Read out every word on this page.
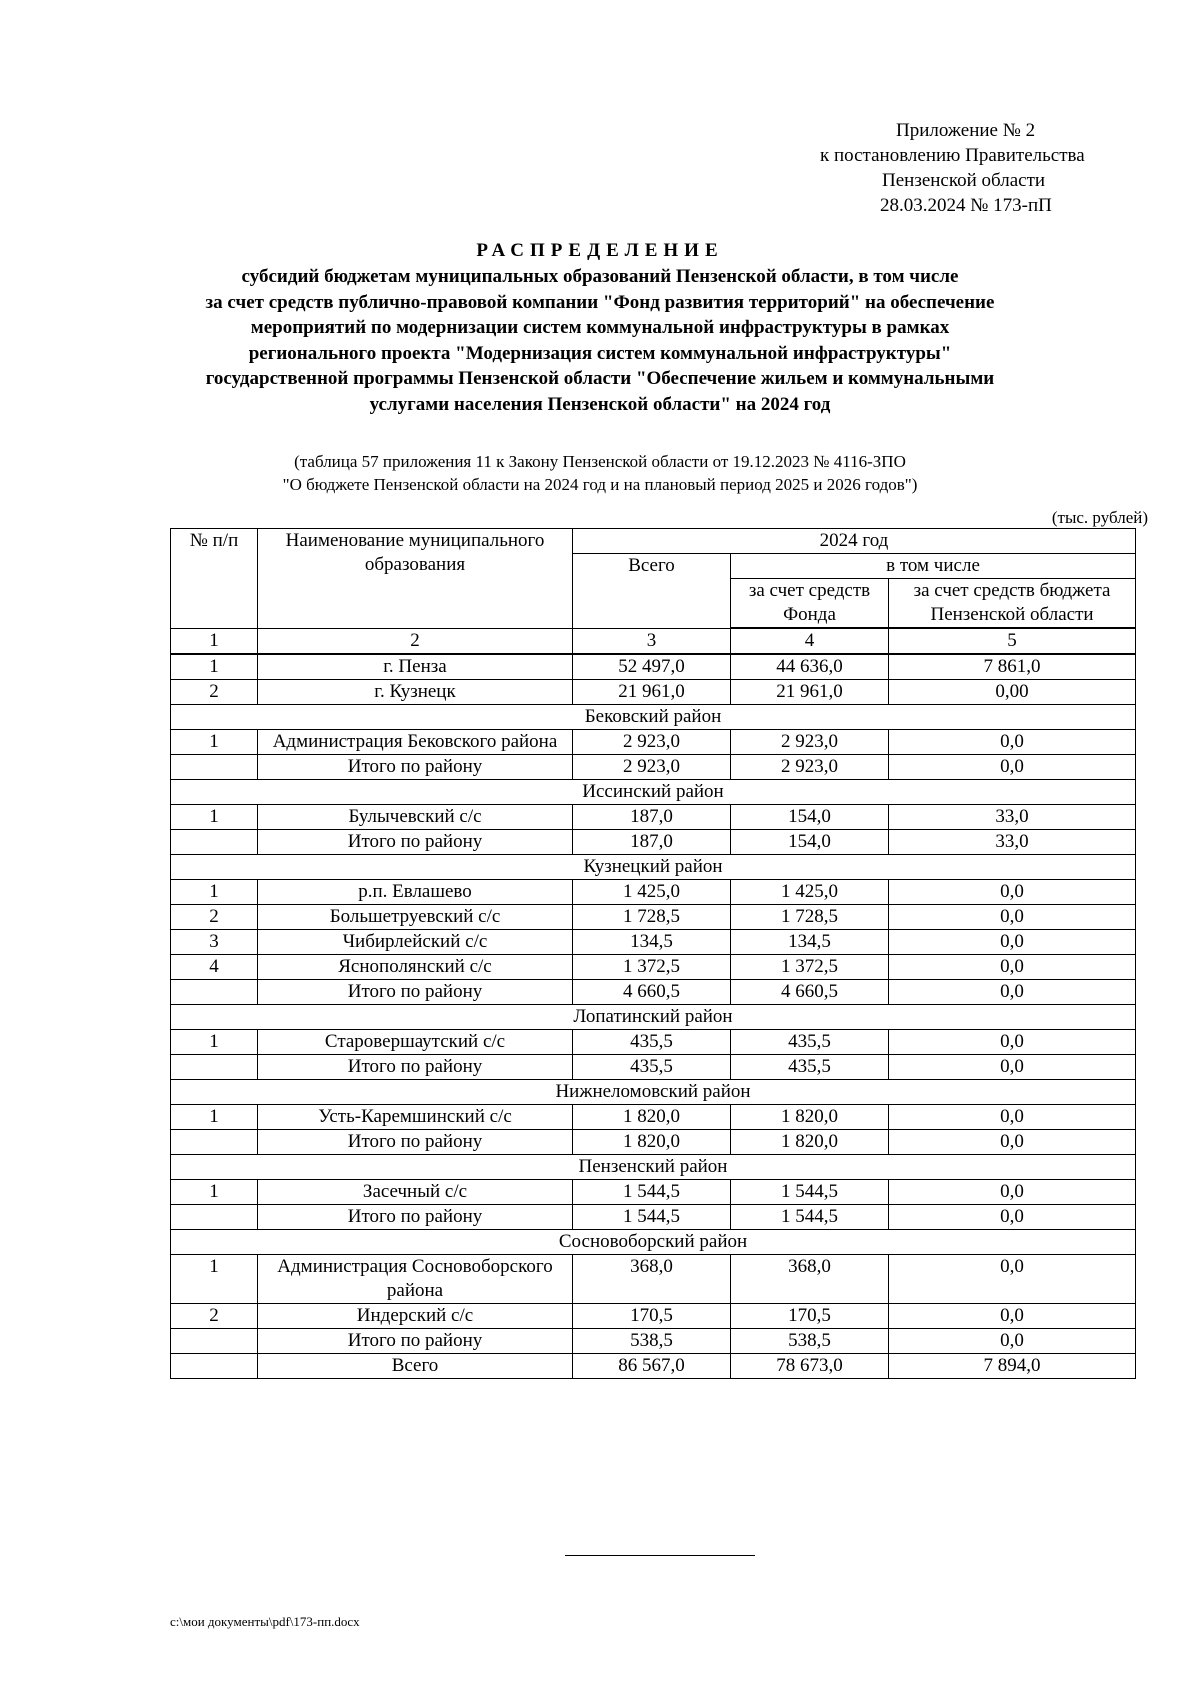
Приложение № 2
к постановлению Правительства
Пензенской области
28.03.2024 № 173-пП
РАСПРЕДЕЛЕНИЕ
субсидий бюджетам муниципальных образований Пензенской области, в том числе
за счет средств публично-правовой компании "Фонд развития территорий" на обеспечение
мероприятий по модернизации систем коммунальной инфраструктуры в рамках
регионального проекта "Модернизация систем коммунальной инфраструктуры"
государственной программы Пензенской области "Обеспечение жильем и коммунальными
услугами населения Пензенской области" на 2024 год
(таблица 57 приложения 11 к Закону Пензенской области от 19.12.2023 № 4116-ЗПО
"О бюджете Пензенской области на 2024 год и на плановый период 2025 и 2026 годов")
(тыс. рублей)
№ п/п	Наименование муниципального образования	2024 год		
		Всего	в том числе	
			за счет средств Фонда	за счет средств бюджета Пензенской области
1	2	3	4	5
1	г. Пенза	52 497,0	44 636,0	7 861,0
2	г. Кузнецк	21 961,0	21 961,0	0,00
Бековский район				
1	Администрация Бековского района	2 923,0	2 923,0	0,0
	Итого по району	2 923,0	2 923,0	0,0
Иссинский район				
1	Булычевский с/с	187,0	154,0	33,0
	Итого по району	187,0	154,0	33,0
Кузнецкий район				
1	р.п. Евлашево	1 425,0	1 425,0	0,0
2	Большетруевский с/с	1 728,5	1 728,5	0,0
3	Чибирлейский с/с	134,5	134,5	0,0
4	Яснополянский с/с	1 372,5	1 372,5	0,0
	Итого по району	4 660,5	4 660,5	0,0
Лопатинский район				
1	Старовершаутский с/с	435,5	435,5	0,0
	Итого по району	435,5	435,5	0,0
Нижнеломовский район				
1	Усть-Каремшинский с/с	1 820,0	1 820,0	0,0
	Итого по району	1 820,0	1 820,0	0,0
Пензенский район				
1	Засечный с/с	1 544,5	1 544,5	0,0
	Итого по району	1 544,5	1 544,5	0,0
Сосновоборский район				
1	Администрация Сосновоборского района	368,0	368,0	0,0
2	Индерский с/с	170,5	170,5	0,0
	Итого по району	538,5	538,5	0,0
	Всего	86 567,0	78 673,0	7 894,0
c:\мои документы\pdf\173-пп.docx
